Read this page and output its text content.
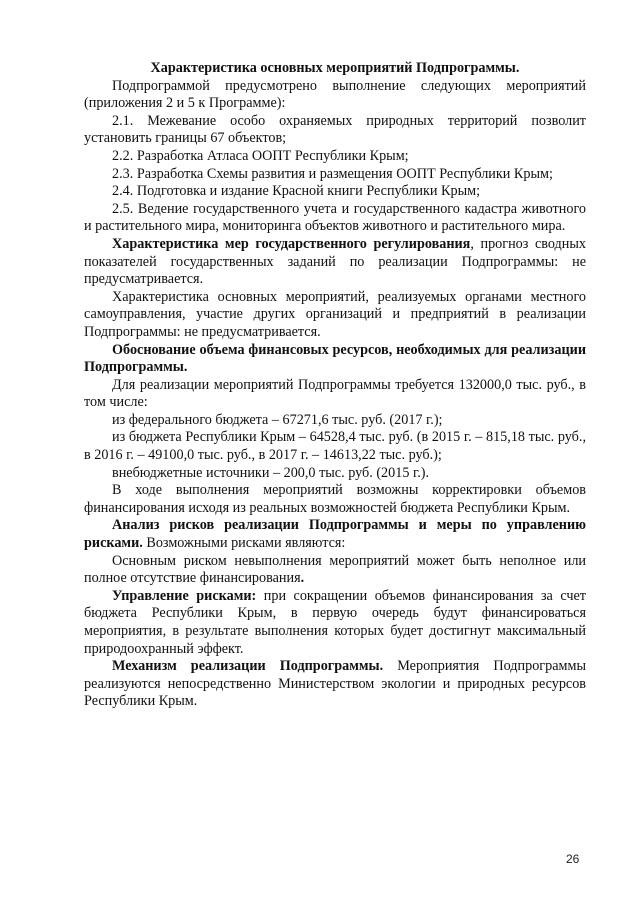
Характеристика основных мероприятий Подпрограммы.

Подпрограммой предусмотрено выполнение следующих мероприятий (приложения 2 и 5 к Программе):

2.1. Межевание особо охраняемых природных территорий позволит установить границы 67 объектов;

2.2. Разработка Атласа ООПТ Республики Крым;

2.3. Разработка Схемы развития и размещения ООПТ Республики Крым;

2.4. Подготовка и издание Красной книги Республики Крым;

2.5. Ведение государственного учета и государственного кадастра животного и растительного мира, мониторинга объектов животного и растительного мира.

Характеристика мер государственного регулирования, прогноз сводных показателей государственных заданий по реализации Подпрограммы: не предусматривается.

Характеристика основных мероприятий, реализуемых органами местного самоуправления, участие других организаций и предприятий в реализации Подпрограммы: не предусматривается.

Обоснование объема финансовых ресурсов, необходимых для реализации Подпрограммы.

Для реализации мероприятий Подпрограммы требуется 132000,0 тыс. руб., в том числе:

из федерального бюджета – 67271,6 тыс. руб. (2017 г.);

из бюджета Республики Крым – 64528,4 тыс. руб. (в 2015 г. – 815,18 тыс. руб., в 2016 г. – 49100,0 тыс. руб., в 2017 г. – 14613,22 тыс. руб.);

внебюджетные источники – 200,0 тыс. руб. (2015 г.).

В ходе выполнения мероприятий возможны корректировки объемов финансирования исходя из реальных возможностей бюджета Республики Крым.

Анализ рисков реализации Подпрограммы и меры по управлению рисками. Возможными рисками являются:

Основным риском невыполнения мероприятий может быть неполное или полное отсутствие финансирования.

Управление рисками: при сокращении объемов финансирования за счет бюджета Республики Крым, в первую очередь будут финансироваться мероприятия, в результате выполнения которых будет достигнут максимальный природоохранный эффект.

Механизм реализации Подпрограммы. Мероприятия Подпрограммы реализуются непосредственно Министерством экологии и природных ресурсов Республики Крым.

26
